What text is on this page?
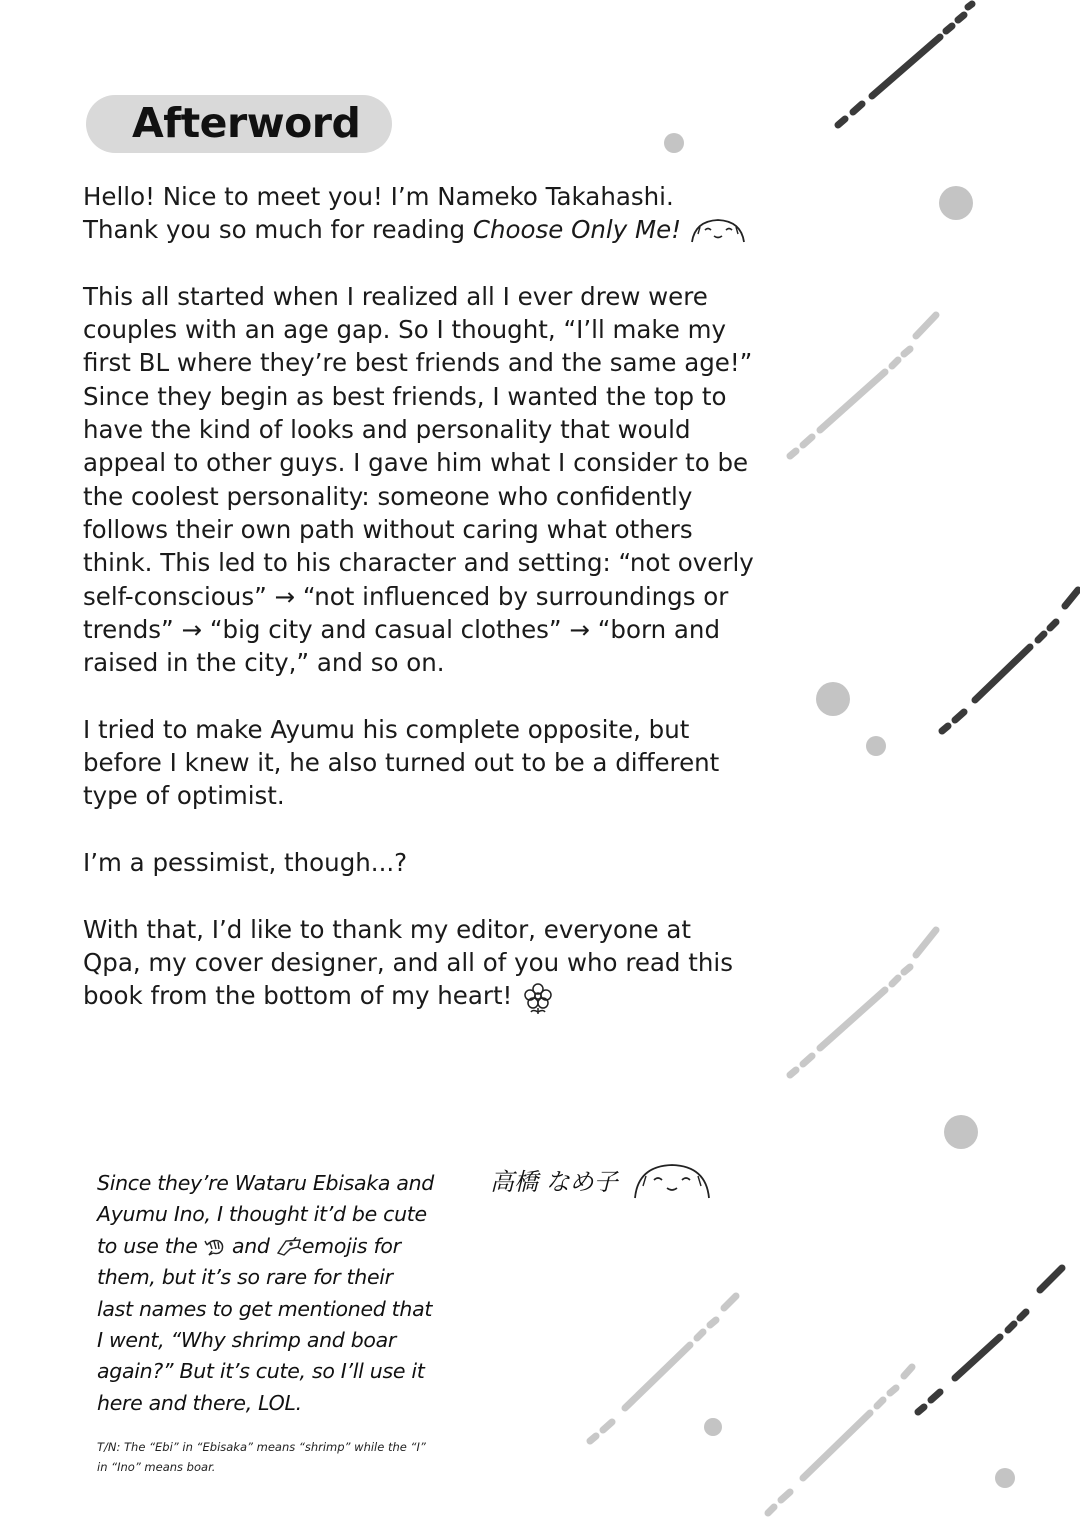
Afterword

Hello! Nice to meet you! I’m Nameko Takahashi.
Thank you so much for reading Choose Only Me!

This all started when I realized all I ever drew were
couples with an age gap. So I thought, “I’ll make my
first BL where they’re best friends and the same age!”
Since they begin as best friends, I wanted the top to
have the kind of looks and personality that would
appeal to other guys. I gave him what I consider to be
the coolest personality: someone who confidently
follows their own path without caring what others
think. This led to his character and setting: “not overly
self-conscious” → “not influenced by surroundings or
trends” → “big city and casual clothes” → “born and
raised in the city,” and so on.

I tried to make Ayumu his complete opposite, but
before I knew it, he also turned out to be a different
type of optimist.

I’m a pessimist, though...?

With that, I’d like to thank my editor, everyone at
Qpa, my cover designer, and all of you who read this
book from the bottom of my heart!

Since they’re Wataru Ebisaka and
Ayumu Ino, I thought it’d be cute
to use the  and emojis for
them, but it’s so rare for their
last names to get mentioned that
I went, “Why shrimp and boar
again?” But it’s cute, so I’ll use it
here and there, LOL.
T/N: The “Ebi” in “Ebisaka” means “shrimp” while the “I”
in “Ino” means boar.
高橋 なめ子
